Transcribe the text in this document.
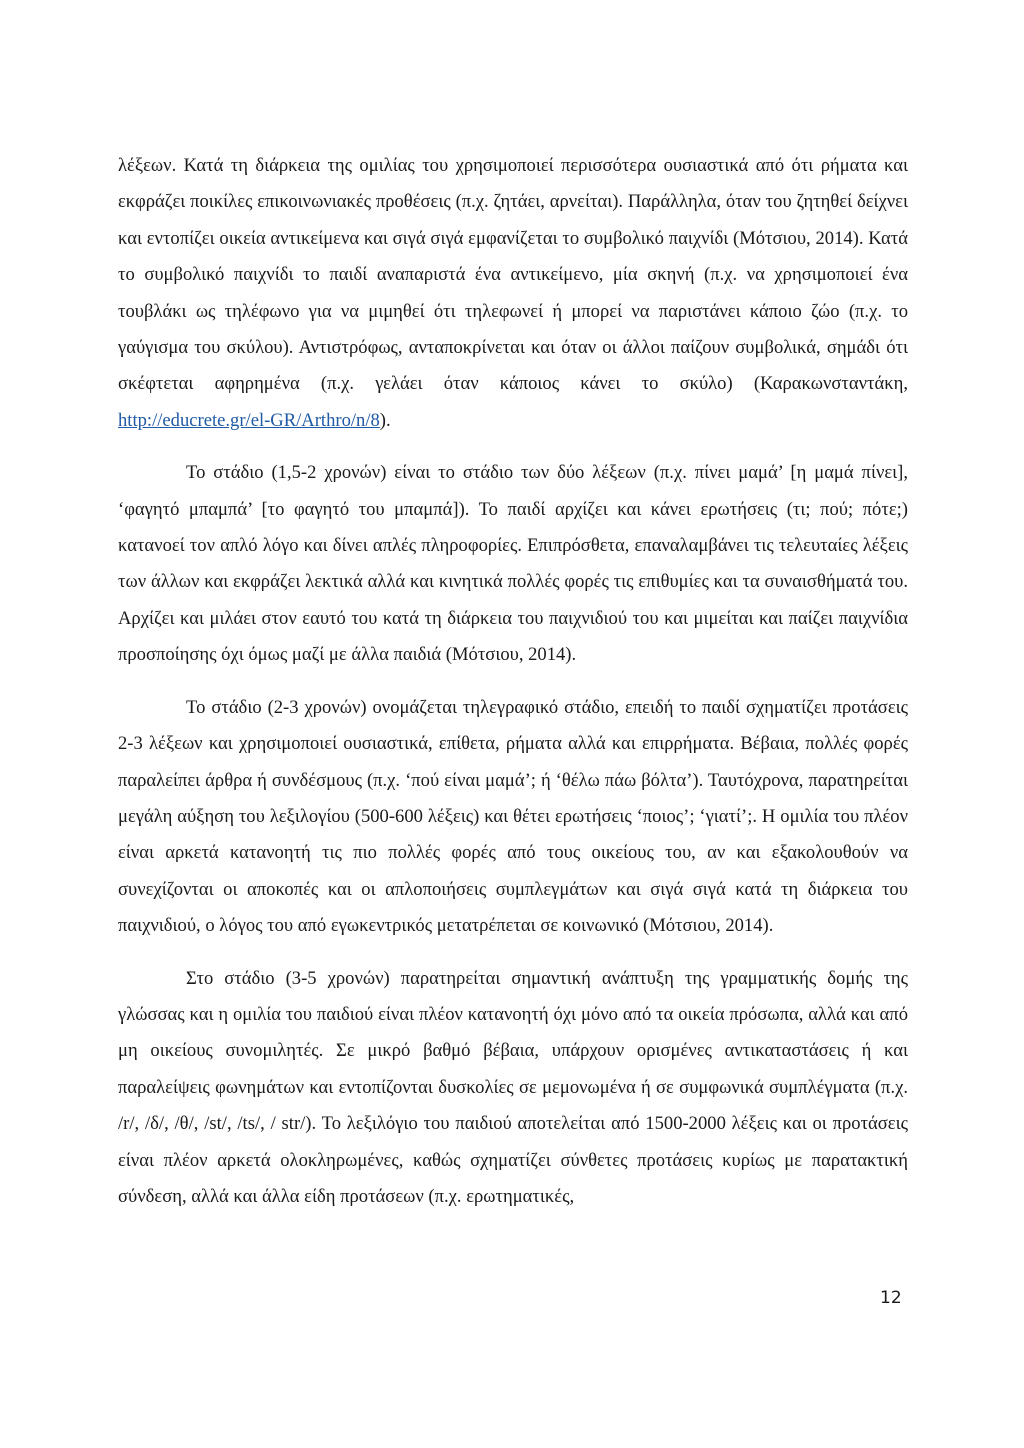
λέξεων. Κατά τη διάρκεια της ομιλίας του χρησιμοποιεί περισσότερα ουσιαστικά από ότι ρήματα και εκφράζει ποικίλες επικοινωνιακές προθέσεις (π.χ. ζητάει, αρνείται). Παράλληλα, όταν του ζητηθεί δείχνει και εντοπίζει οικεία αντικείμενα και σιγά σιγά εμφανίζεται το συμβολικό παιχνίδι (Μότσιου, 2014). Κατά το συμβολικό παιχνίδι το παιδί αναπαριστά ένα αντικείμενο, μία σκηνή (π.χ. να χρησιμοποιεί ένα τουβλάκι ως τηλέφωνο για να μιμηθεί ότι τηλεφωνεί ή μπορεί να παριστάνει κάποιο ζώο (π.χ. το γαύγισμα του σκύλου). Αντιστρόφως, ανταποκρίνεται και όταν οι άλλοι παίζουν συμβολικά, σημάδι ότι σκέφτεται αφηρημένα (π.χ. γελάει όταν κάποιος κάνει το σκύλο) (Καρακωνσταντάκη, http://educrete.gr/el-GR/Arthro/n/8).

Το στάδιο (1,5-2 χρονών) είναι το στάδιο των δύο λέξεων (π.χ. πίνει μαμά’ [η μαμά πίνει], ‘φαγητό μπαμπά’ [το φαγητό του μπαμπά]). Το παιδί αρχίζει και κάνει ερωτήσεις (τι; πού; πότε;) κατανοεί τον απλό λόγο και δίνει απλές πληροφορίες. Επιπρόσθετα, επαναλαμβάνει τις τελευταίες λέξεις των άλλων και εκφράζει λεκτικά αλλά και κινητικά πολλές φορές τις επιθυμίες και τα συναισθήματά του. Αρχίζει και μιλάει στον εαυτό του κατά τη διάρκεια του παιχνιδιού του και μιμείται και παίζει παιχνίδια προσποίησης όχι όμως μαζί με άλλα παιδιά (Μότσιου, 2014).

Το στάδιο (2-3 χρονών) ονομάζεται τηλεγραφικό στάδιο, επειδή το παιδί σχηματίζει προτάσεις 2-3 λέξεων και χρησιμοποιεί ουσιαστικά, επίθετα, ρήματα αλλά και επιρρήματα. Βέβαια, πολλές φορές παραλείπει άρθρα ή συνδέσμους (π.χ. ‘πού είναι μαμά’; ή ‘θέλω πάω βόλτα’). Ταυτόχρονα, παρατηρείται μεγάλη αύξηση του λεξιλογίου (500-600 λέξεις) και θέτει ερωτήσεις ‘ποιος’; ‘γιατί’;. Η ομιλία του πλέον είναι αρκετά κατανοητή τις πιο πολλές φορές από τους οικείους του, αν και εξακολουθούν να συνεχίζονται οι αποκοπές και οι απλοποιήσεις συμπλεγμάτων και σιγά σιγά κατά τη διάρκεια του παιχνιδιού, ο λόγος του από εγωκεντρικός μετατρέπεται σε κοινωνικό (Μότσιου, 2014).

Στο στάδιο (3-5 χρονών) παρατηρείται σημαντική ανάπτυξη της γραμματικής δομής της γλώσσας και η ομιλία του παιδιού είναι πλέον κατανοητή όχι μόνο από τα οικεία πρόσωπα, αλλά και από μη οικείους συνομιλητές. Σε μικρό βαθμό βέβαια, υπάρχουν ορισμένες αντικαταστάσεις ή και παραλείψεις φωνημάτων και εντοπίζονται δυσκολίες σε μεμονωμένα ή σε συμφωνικά συμπλέγματα (π.χ. /r/, /δ/, /θ/, /st/, /ts/, / str/). Το λεξιλόγιο του παιδιού αποτελείται από 1500-2000 λέξεις και οι προτάσεις είναι πλέον αρκετά ολοκληρωμένες, καθώς σχηματίζει σύνθετες προτάσεις κυρίως με παρατακτική σύνδεση, αλλά και άλλα είδη προτάσεων (π.χ. ερωτηματικές,

12
